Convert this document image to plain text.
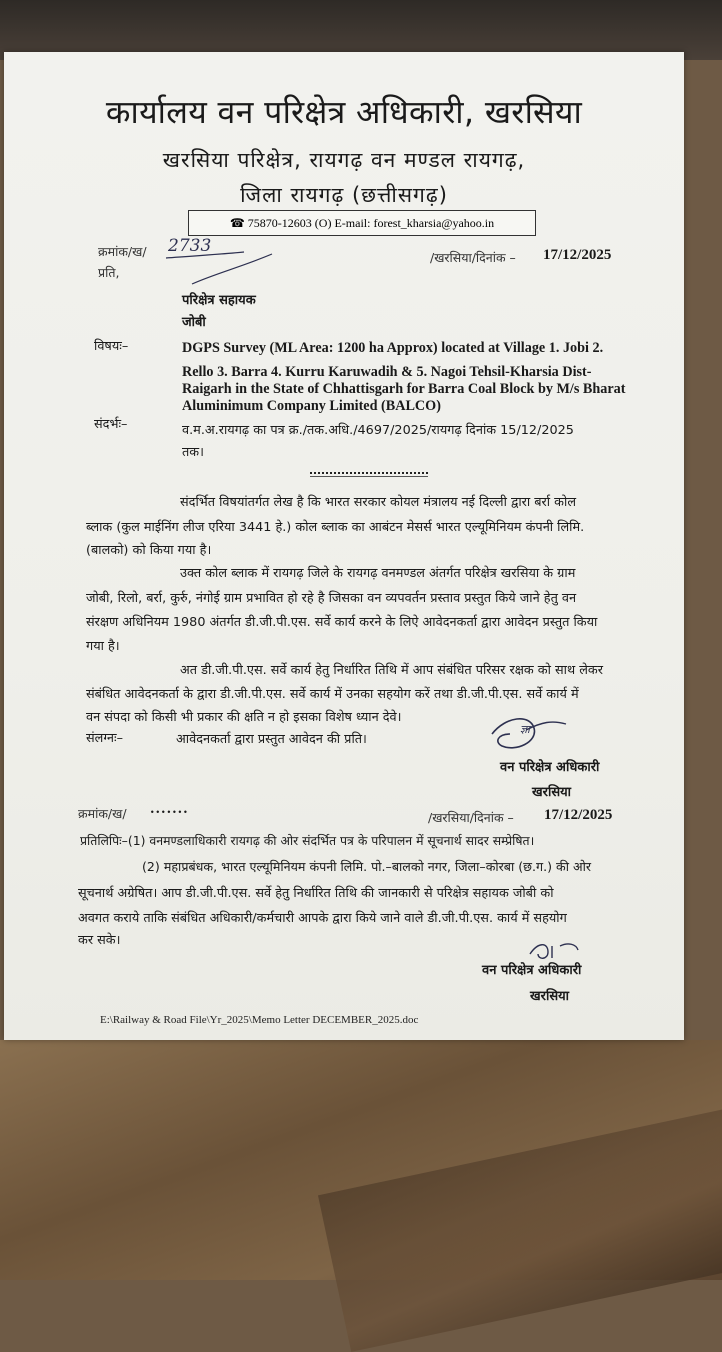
कार्यालय वन परिक्षेत्र अधिकारी, खरसिया
खरसिया परिक्षेत्र, रायगढ़ वन मण्डल रायगढ़,
जिला रायगढ़ (छत्तीसगढ़)
☎ 75870-12603 (O) E-mail: forest_kharsia@yahoo.in
क्रमांक/ख/ 2733
/खरसिया/दिनांक – 17/12/2025
प्रति,
परिक्षेत्र सहायक
जोबी
विषयः–	DGPS Survey (ML Area: 1200 ha Approx) located at Village 1. Jobi 2.
Rello 3. Barra 4. Kurru Karuwadih & 5. Nagoi Tehsil-Kharsia Dist-
Raigarh in the State of Chhattisgarh for Barra Coal Block by M/s Bharat
Aluminimum Company Limited (BALCO)
संदर्भः–	व.म.अ.रायगढ़ का पत्र क्र./तक.अधि./4697/2025/रायगढ़ दिनांक 15/12/2025
तक।
संदर्भित विषयांतर्गत लेख है कि भारत सरकार कोयल मंत्रालय नई दिल्ली द्वारा बर्रा कोल
ब्लाक (कुल माईनिंग लीज एरिया 3441 हे.) कोल ब्लाक का आबंटन मेसर्स भारत एल्यूमिनियम कंपनी लिमि.
(बालको) को किया गया है।
उक्त कोल ब्लाक में रायगढ़ जिले के रायगढ़ वनमण्डल अंतर्गत परिक्षेत्र खरसिया के ग्राम
जोबी, रिलो, बर्रा, कुर्रु, नंगोई ग्राम प्रभावित हो रहे है जिसका वन व्यपवर्तन प्रस्ताव प्रस्तुत किये जाने हेतु वन
संरक्षण अधिनियम 1980 अंतर्गत डी.जी.पी.एस. सर्वे कार्य करने के लिऐ आवेदनकर्ता द्वारा आवेदन प्रस्तुत किया
गया है।
अत डी.जी.पी.एस. सर्वे कार्य हेतु निर्धारित तिथि में आप संबंधित परिसर रक्षक को साथ लेकर
संबंधित आवेदनकर्ता के द्वारा डी.जी.पी.एस. सर्वे कार्य में उनका सहयोग करें तथा डी.जी.पी.एस. सर्वे कार्य में
वन संपदा को किसी भी प्रकार की क्षति न हो इसका विशेष ध्यान देवे।
संलग्नः–	आवेदनकर्ता द्वारा प्रस्तुत आवेदन की प्रति।
ज्ञा
वन परिक्षेत्र अधिकारी
खरसिया
क्रमांक/ख/ .......
/खरसिया/दिनांक – 17/12/2025
प्रतिलिपिः–(1) वनमण्डलाधिकारी रायगढ़ की ओर संदर्भित पत्र के परिपालन में सूचनार्थ सादर सम्प्रेषित।
(2) महाप्रबंधक, भारत एल्यूमिनियम कंपनी लिमि. पो.–बालको नगर, जिला–कोरबा (छ.ग.) की ओर
सूचनार्थ अग्रेषित। आप डी.जी.पी.एस. सर्वे हेतु निर्धारित तिथि की जानकारी से परिक्षेत्र सहायक जोबी को
अवगत कराये ताकि संबंधित अधिकारी/कर्मचारी आपके द्वारा किये जाने वाले डी.जी.पी.एस. कार्य में सहयोग
कर सके।
वन परिक्षेत्र अधिकारी
खरसिया
E:\Railway & Road File\Yr_2025\Memo Letter DECEMBER_2025.doc
